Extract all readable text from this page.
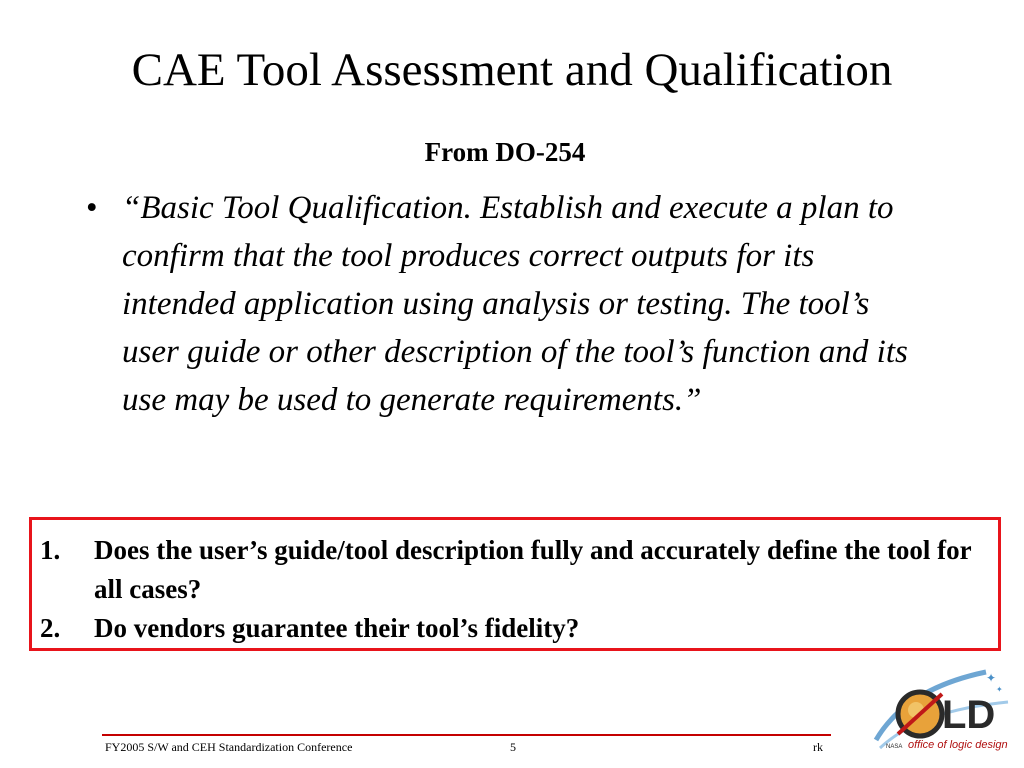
CAE Tool Assessment and Qualification
From DO-254
• “Basic Tool Qualification. Establish and execute a plan to confirm that the tool produces correct outputs for its intended application using analysis or testing. The tool’s user guide or other description of the tool’s function and its use may be used to generate requirements.”
1.	Does the user’s guide/tool description fully and accurately define the tool for all cases?
2.	Do vendors guarantee their tool’s fidelity?
FY2005 S/W and CEH Standardization Conference	5	rk
✦
✦
LD
NASA office of logic design
